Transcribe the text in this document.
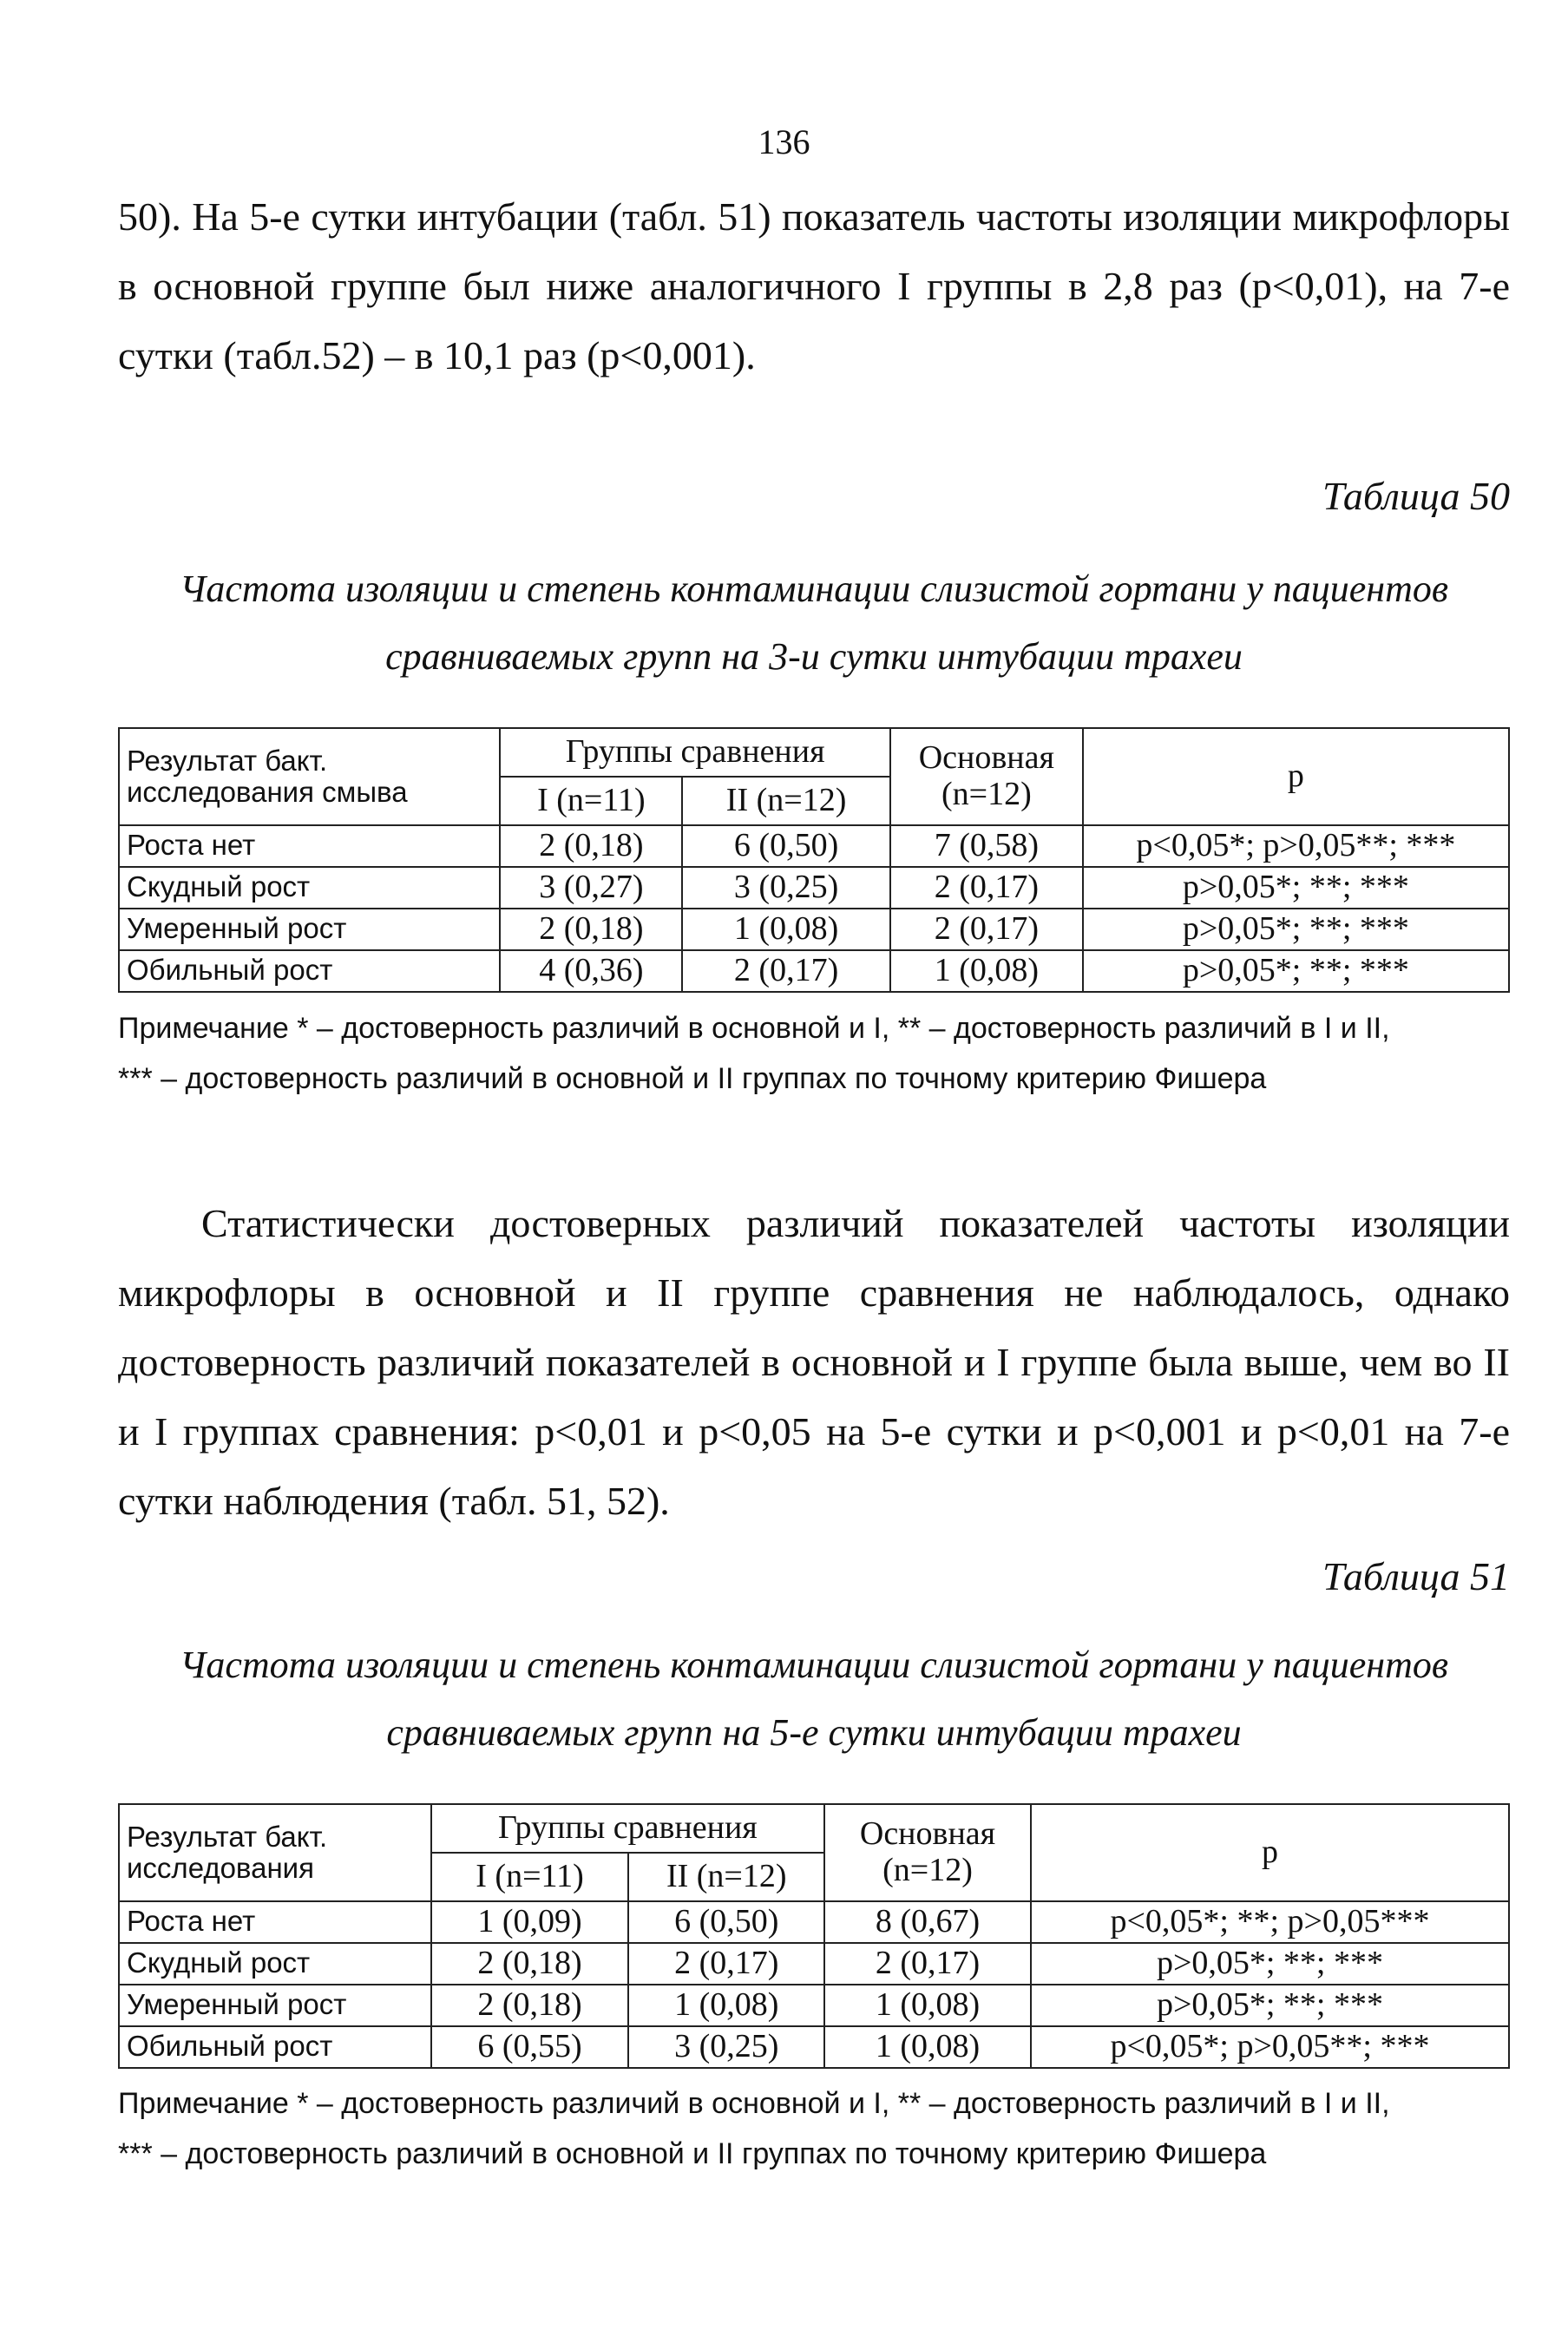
136

50). На 5-е сутки интубации (табл. 51) показатель частоты изоляции микрофлоры в основной группе был ниже аналогичного I группы в 2,8 раз (p<0,01), на 7-е сутки (табл.52) – в 10,1 раз (p<0,001).

Таблица 50

Частота изоляции и степень контаминации слизистой гортани у пациентов
сравниваемых групп на 3-и сутки интубации трахеи

Результат бакт. исследования смыва	Группы сравнения		Основная (n=12)	p
	I (n=11)	II (n=12)		
Роста нет	2 (0,18)	6 (0,50)	7 (0,58)	p<0,05*; p>0,05**; ***
Скудный рост	3 (0,27)	3 (0,25)	2 (0,17)	p>0,05*; **; ***
Умеренный рост	2 (0,18)	1 (0,08)	2 (0,17)	p>0,05*; **; ***
Обильный рост	4 (0,36)	2 (0,17)	1 (0,08)	p>0,05*; **; ***
Примечание * – достоверность различий в основной и I, ** – достоверность различий в I и II,
*** – достоверность различий в основной и II группах по точному критерию Фишера

Статистически достоверных различий показателей частоты изоляции микрофлоры в основной и II группе сравнения не наблюдалось, однако достоверность различий показателей в основной и I группе была выше, чем во II и I группах сравнения: p<0,01 и p<0,05 на 5-е сутки и p<0,001 и p<0,01 на 7-е сутки наблюдения (табл. 51, 52).

Таблица 51

Частота изоляции и степень контаминации слизистой гортани у пациентов
сравниваемых групп на 5-е сутки интубации трахеи

Результат бакт. исследования	Группы сравнения		Основная (n=12)	p
	I (n=11)	II (n=12)		
Роста нет	1 (0,09)	6 (0,50)	8 (0,67)	p<0,05*; **; p>0,05***
Скудный рост	2 (0,18)	2 (0,17)	2 (0,17)	p>0,05*; **; ***
Умеренный рост	2 (0,18)	1 (0,08)	1 (0,08)	p>0,05*; **; ***
Обильный рост	6 (0,55)	3 (0,25)	1 (0,08)	p<0,05*; p>0,05**; ***
Примечание * – достоверность различий в основной и I, ** – достоверность различий в I и II,
*** – достоверность различий в основной и II группах по точному критерию Фишера
